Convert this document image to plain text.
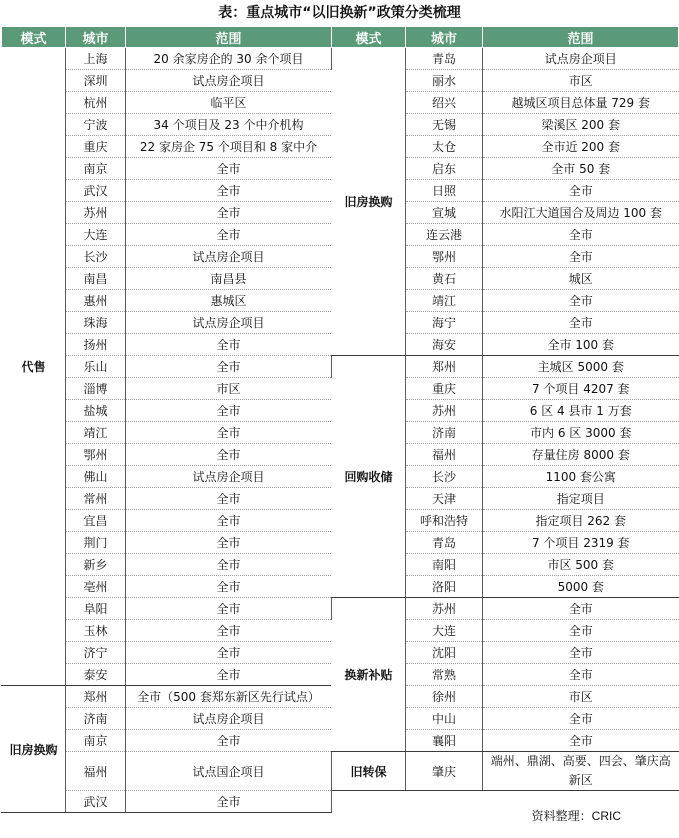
表：重点城市“以旧换新”政策分类梳理
模式	城市	范围	模式	城市	范围
代售	上海	20 余家房企的 30 余个项目	旧房换购	青岛	试点房企项目
	深圳	试点房企项目		丽水	市区
	杭州	临平区		绍兴	越城区项目总体量 729 套
	宁波	34 个项目及 23 个中介机构		无锡	梁溪区 200 套
	重庆	22 家房企 75 个项目和 8 家中介		太仓	全市近 200 套
	南京	全市		启东	全市 50 套
	武汉	全市		日照	全市
	苏州	全市		宣城	水阳江大道国合及周边 100 套
	大连	全市		连云港	全市
	长沙	试点房企项目		鄂州	全市
	南昌	南昌县		黄石	城区
	惠州	惠城区		靖江	全市
	珠海	试点房企项目		海宁	全市
	扬州	全市		海安	全市 100 套
	乐山	全市	回购收储	郑州	主城区 5000 套
	淄博	市区		重庆	7 个项目 4207 套
	盐城	全市		苏州	6 区 4 县市 1 万套
	靖江	全市		济南	市内 6 区 3000 套
	鄂州	全市		福州	存量住房 8000 套
	佛山	试点房企项目		长沙	1100 套公寓
	常州	全市		天津	指定项目
	宜昌	全市		呼和浩特	指定项目 262 套
	荆门	全市		青岛	7 个项目 2319 套
	新乡	全市		南阳	市区 500 套
	亳州	全市		洛阳	5000 套
	阜阳	全市	换新补贴	苏州	全市
	玉林	全市		大连	全市
	济宁	全市		沈阳	全市
	泰安	全市		常熟	全市
旧房换购	郑州	全市（500 套郑东新区先行试点）		徐州	市区
	济南	试点房企项目		中山	全市
	南京	全市		襄阳	全市
	福州	试点国企项目	旧转保	肇庆	端州、鼎湖、高要、四会、肇庆高新区
	武汉	全市			
资料整理：CRIC
